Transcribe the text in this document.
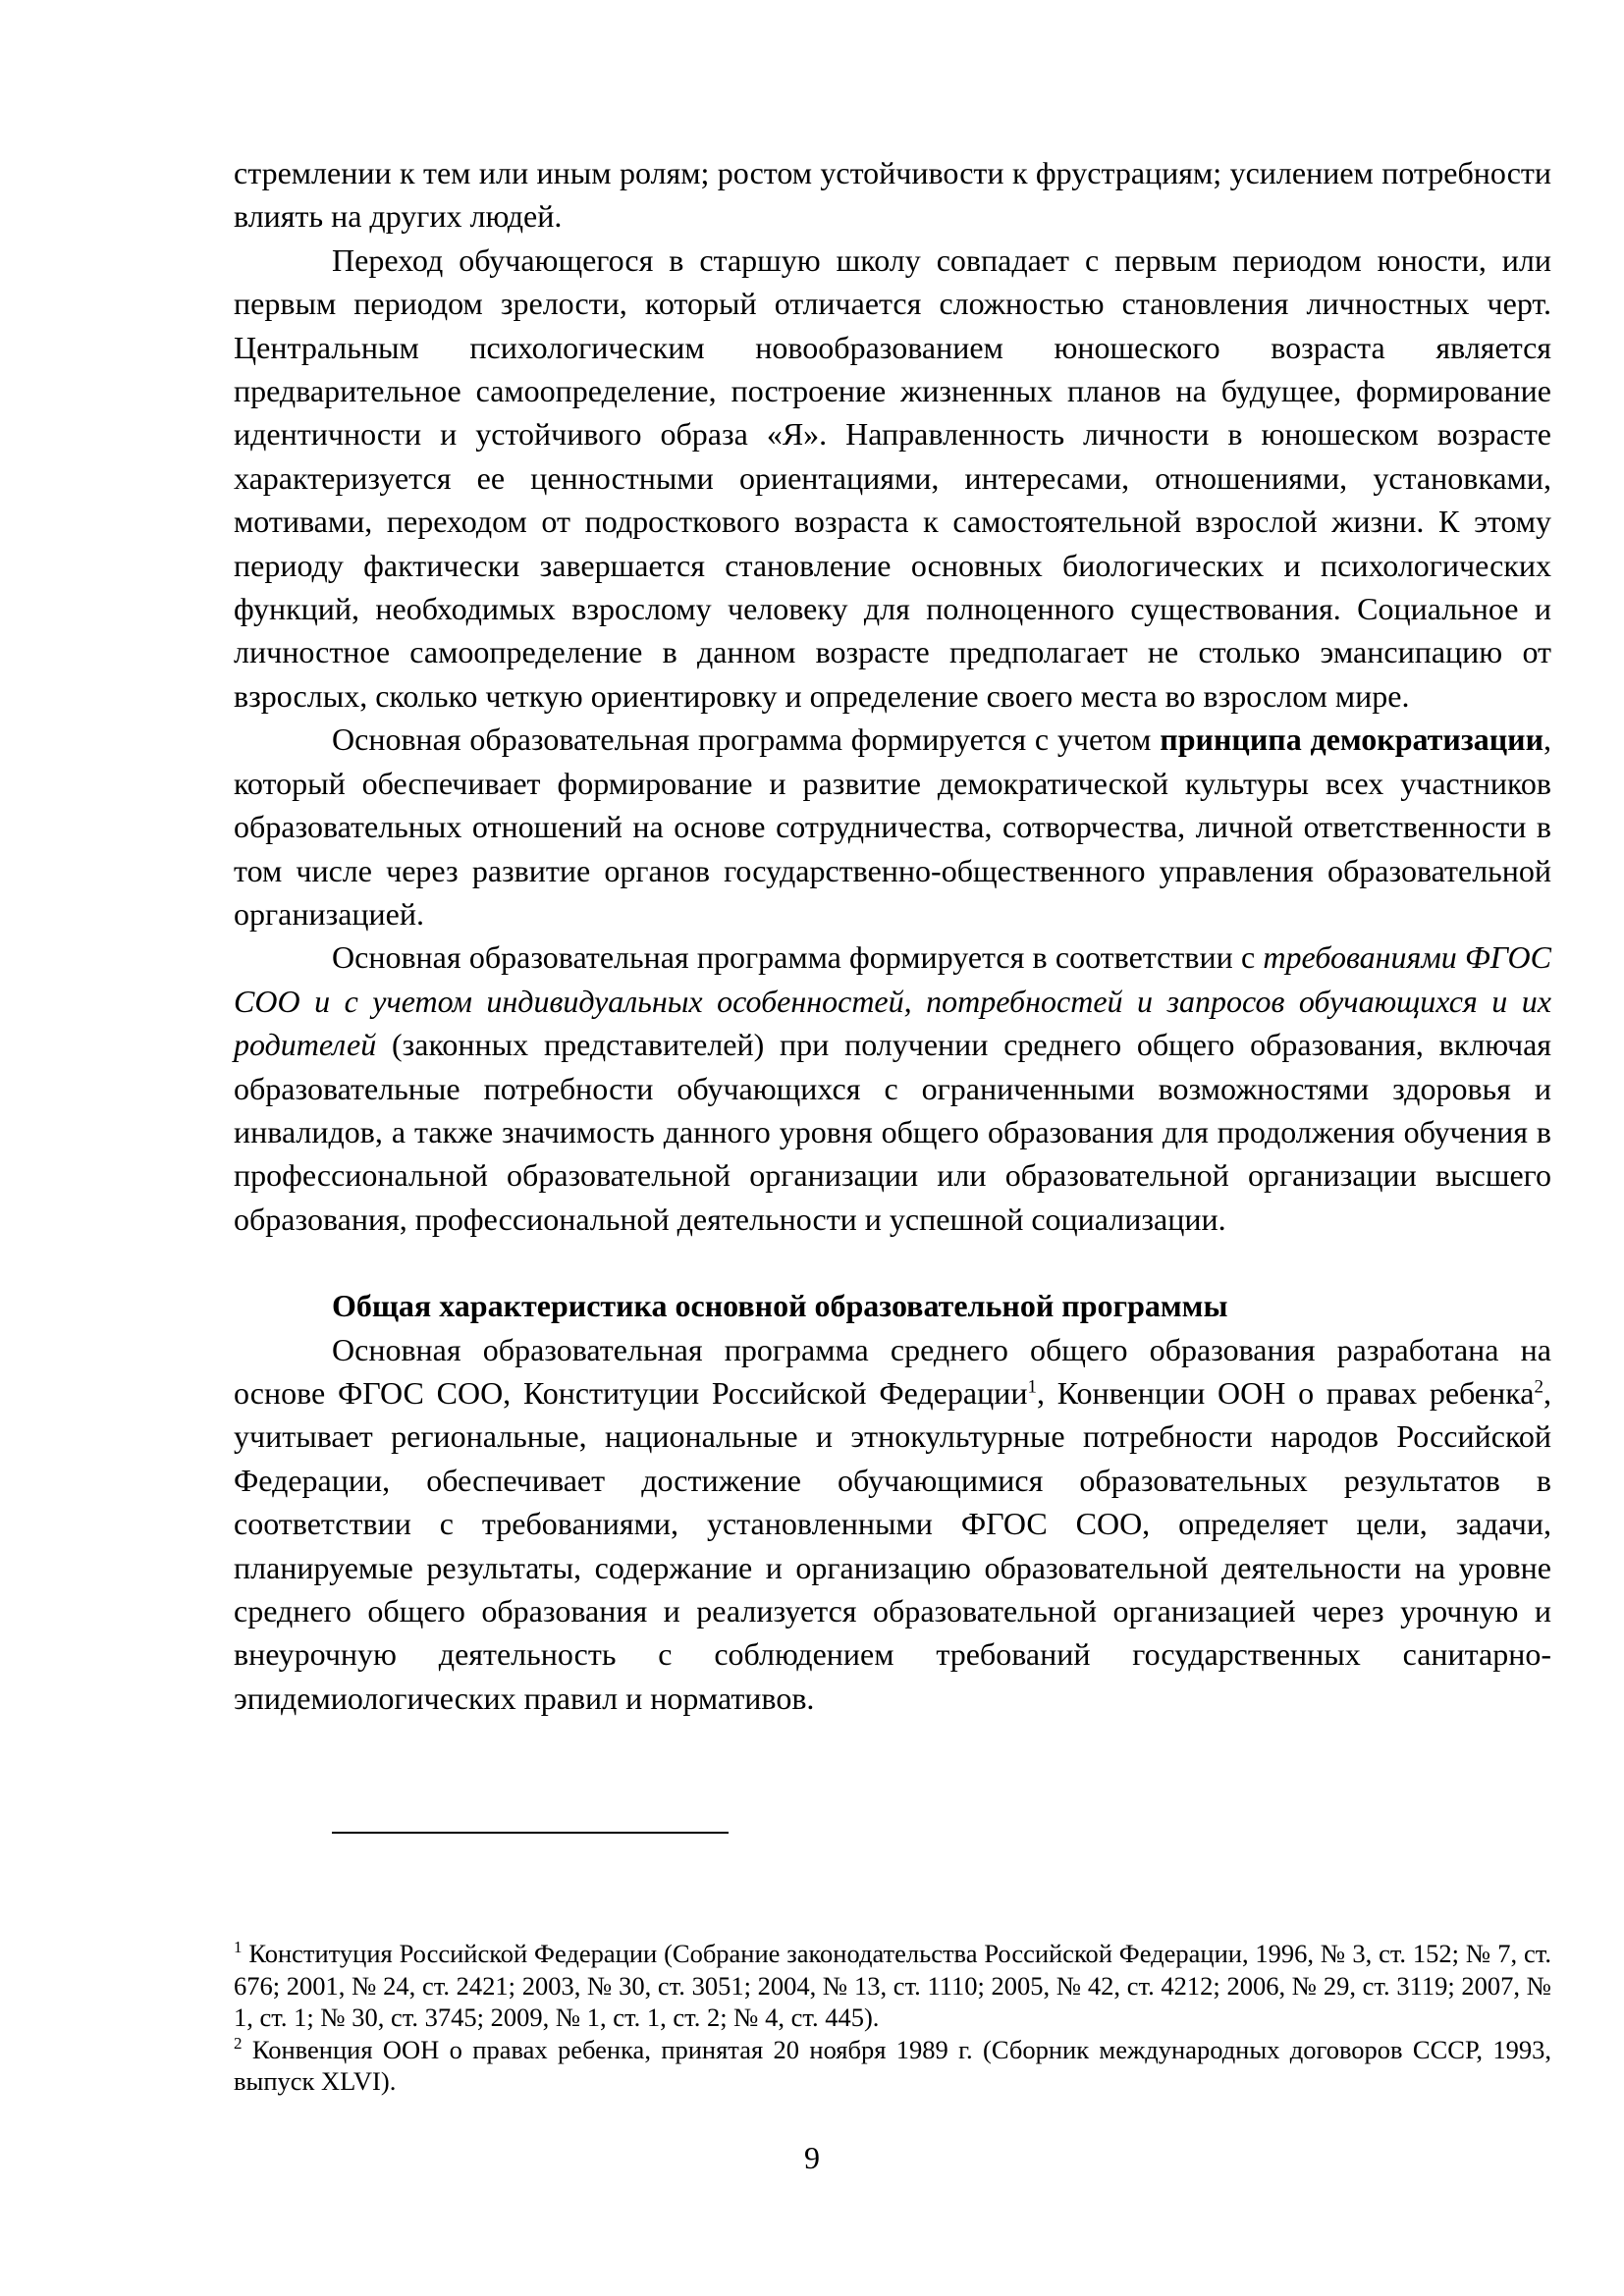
стремлении к тем или иным ролям; ростом устойчивости к фрустрациям; усилением потребности влиять на других людей.

Переход обучающегося в старшую школу совпадает с первым периодом юности, или первым периодом зрелости, который отличается сложностью становления личностных черт. Центральным психологическим новообразованием юношеского возраста является предварительное самоопределение, построение жизненных планов на будущее, формирование идентичности и устойчивого образа «Я». Направленность личности в юношеском возрасте характеризуется ее ценностными ориентациями, интересами, отношениями, установками, мотивами, переходом от подросткового возраста к самостоятельной взрослой жизни. К этому периоду фактически завершается становление основных биологических и психологических функций, необходимых взрослому человеку для полноценного существования. Социальное и личностное самоопределение в данном возрасте предполагает не столько эмансипацию от взрослых, сколько четкую ориентировку и определение своего места во взрослом мире.

Основная образовательная программа формируется с учетом принципа демократизации, который обеспечивает формирование и развитие демократической культуры всех участников образовательных отношений на основе сотрудничества, сотворчества, личной ответственности в том числе через развитие органов государственно-общественного управления образовательной организацией.

Основная образовательная программа формируется в соответствии с требованиями ФГОС СОО и с учетом индивидуальных особенностей, потребностей и запросов обучающихся и их родителей (законных представителей) при получении среднего общего образования, включая образовательные потребности обучающихся с ограниченными возможностями здоровья и инвалидов, а также значимость данного уровня общего образования для продолжения обучения в профессиональной образовательной организации или образовательной организации высшего образования, профессиональной деятельности и успешной социализации.

Общая характеристика основной образовательной программы

Основная образовательная программа среднего общего образования разработана на основе ФГОС СОО, Конституции Российской Федерации$^1$, Конвенции ООН о правах ребенка$^2$, учитывает региональные, национальные и этнокультурные потребности народов Российской Федерации, обеспечивает достижение обучающимися образовательных результатов в соответствии с требованиями, установленными ФГОС СОО, определяет цели, задачи, планируемые результаты, содержание и организацию образовательной деятельности на уровне среднего общего образования и реализуется образовательной организацией через урочную и внеурочную деятельность с соблюдением требований государственных санитарно-эпидемиологических правил и нормативов.

$^1$ Конституция Российской Федерации (Собрание законодательства Российской Федерации, 1996, № 3, ст. 152; № 7, ст. 676; 2001, № 24, ст. 2421; 2003, № 30, ст. 3051; 2004, № 13, ст. 1110; 2005, № 42, ст. 4212; 2006, № 29, ст. 3119; 2007, № 1, ст. 1; № 30, ст. 3745; 2009, № 1, ст. 1, ст. 2; № 4, ст. 445).

$^2$ Конвенция ООН о правах ребенка, принятая 20 ноября 1989 г. (Сборник международных договоров СССР, 1993, выпуск XLVI).

9
